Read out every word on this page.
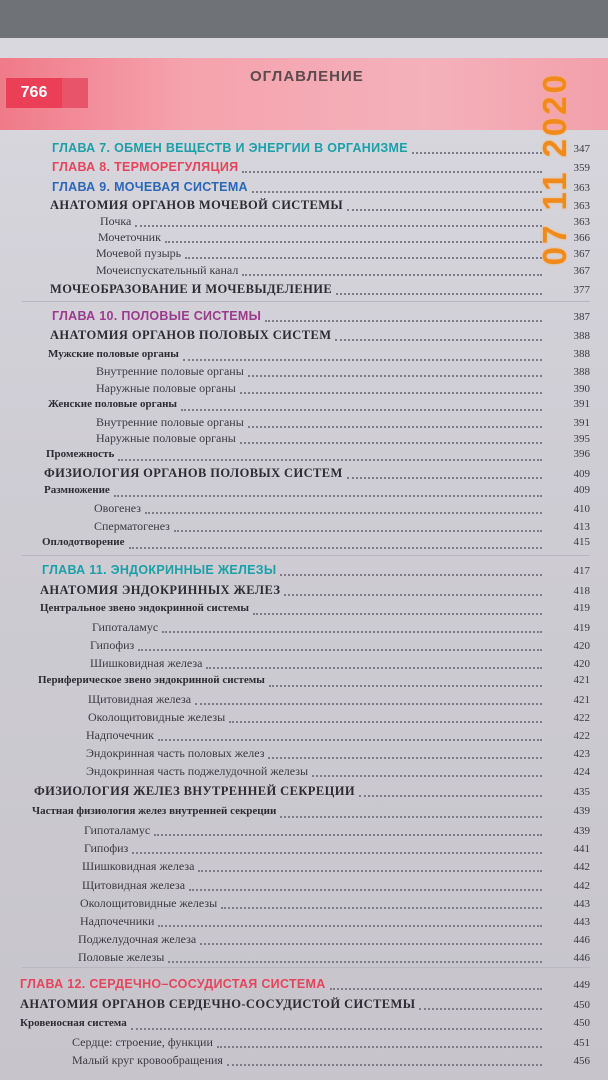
766
ОГЛАВЛЕНИЕ
ГЛАВА 7. ОБМЕН ВЕЩЕСТВ И ЭНЕРГИИ В ОРГАНИЗМЕ	347
ГЛАВА 8. ТЕРМОРЕГУЛЯЦИЯ	359
ГЛАВА 9. МОЧЕВАЯ СИСТЕМА	363
АНАТОМИЯ ОРГАНОВ МОЧЕВОЙ СИСТЕМЫ	363
Почка	363
Мочеточник	366
Мочевой пузырь	367
Мочеиспускательный канал	367
МОЧЕОБРАЗОВАНИЕ И МОЧЕВЫДЕЛЕНИЕ	377
ГЛАВА 10. ПОЛОВЫЕ СИСТЕМЫ	387
АНАТОМИЯ ОРГАНОВ ПОЛОВЫХ СИСТЕМ	388
Мужские половые органы	388
Внутренние половые органы	388
Наружные половые органы	390
Женские половые органы	391
Внутренние половые органы	391
Наружные половые органы	395
Промежность	396
ФИЗИОЛОГИЯ ОРГАНОВ ПОЛОВЫХ СИСТЕМ	409
Размножение	409
Овогенез	410
Сперматогенез	413
Оплодотворение	415
ГЛАВА 11. ЭНДОКРИННЫЕ ЖЕЛЕЗЫ	417
АНАТОМИЯ ЭНДОКРИННЫХ ЖЕЛЕЗ	418
Центральное звено эндокринной системы	419
Гипоталамус	419
Гипофиз	420
Шишковидная железа	420
Периферическое звено эндокринной системы	421
Щитовидная железа	421
Околощитовидные железы	422
Надпочечник	422
Эндокринная часть половых желез	423
Эндокринная часть поджелудочной железы	424
ФИЗИОЛОГИЯ ЖЕЛЕЗ ВНУТРЕННЕЙ СЕКРЕЦИИ	435
Частная физиология желез внутренней секреции	439
Гипоталамус	439
Гипофиз	441
Шишковидная железа	442
Щитовидная железа	442
Околощитовидные железы	443
Надпочечники	443
Поджелудочная железа	446
Половые железы	446
ГЛАВА 12. СЕРДЕЧНО–СОСУДИСТАЯ СИСТЕМА	449
АНАТОМИЯ ОРГАНОВ СЕРДЕЧНО-СОСУДИСТОЙ СИСТЕМЫ	450
Кровеносная система	450
Сердце: строение, функции	451
Малый круг кровообращения	456
07 11 2020
